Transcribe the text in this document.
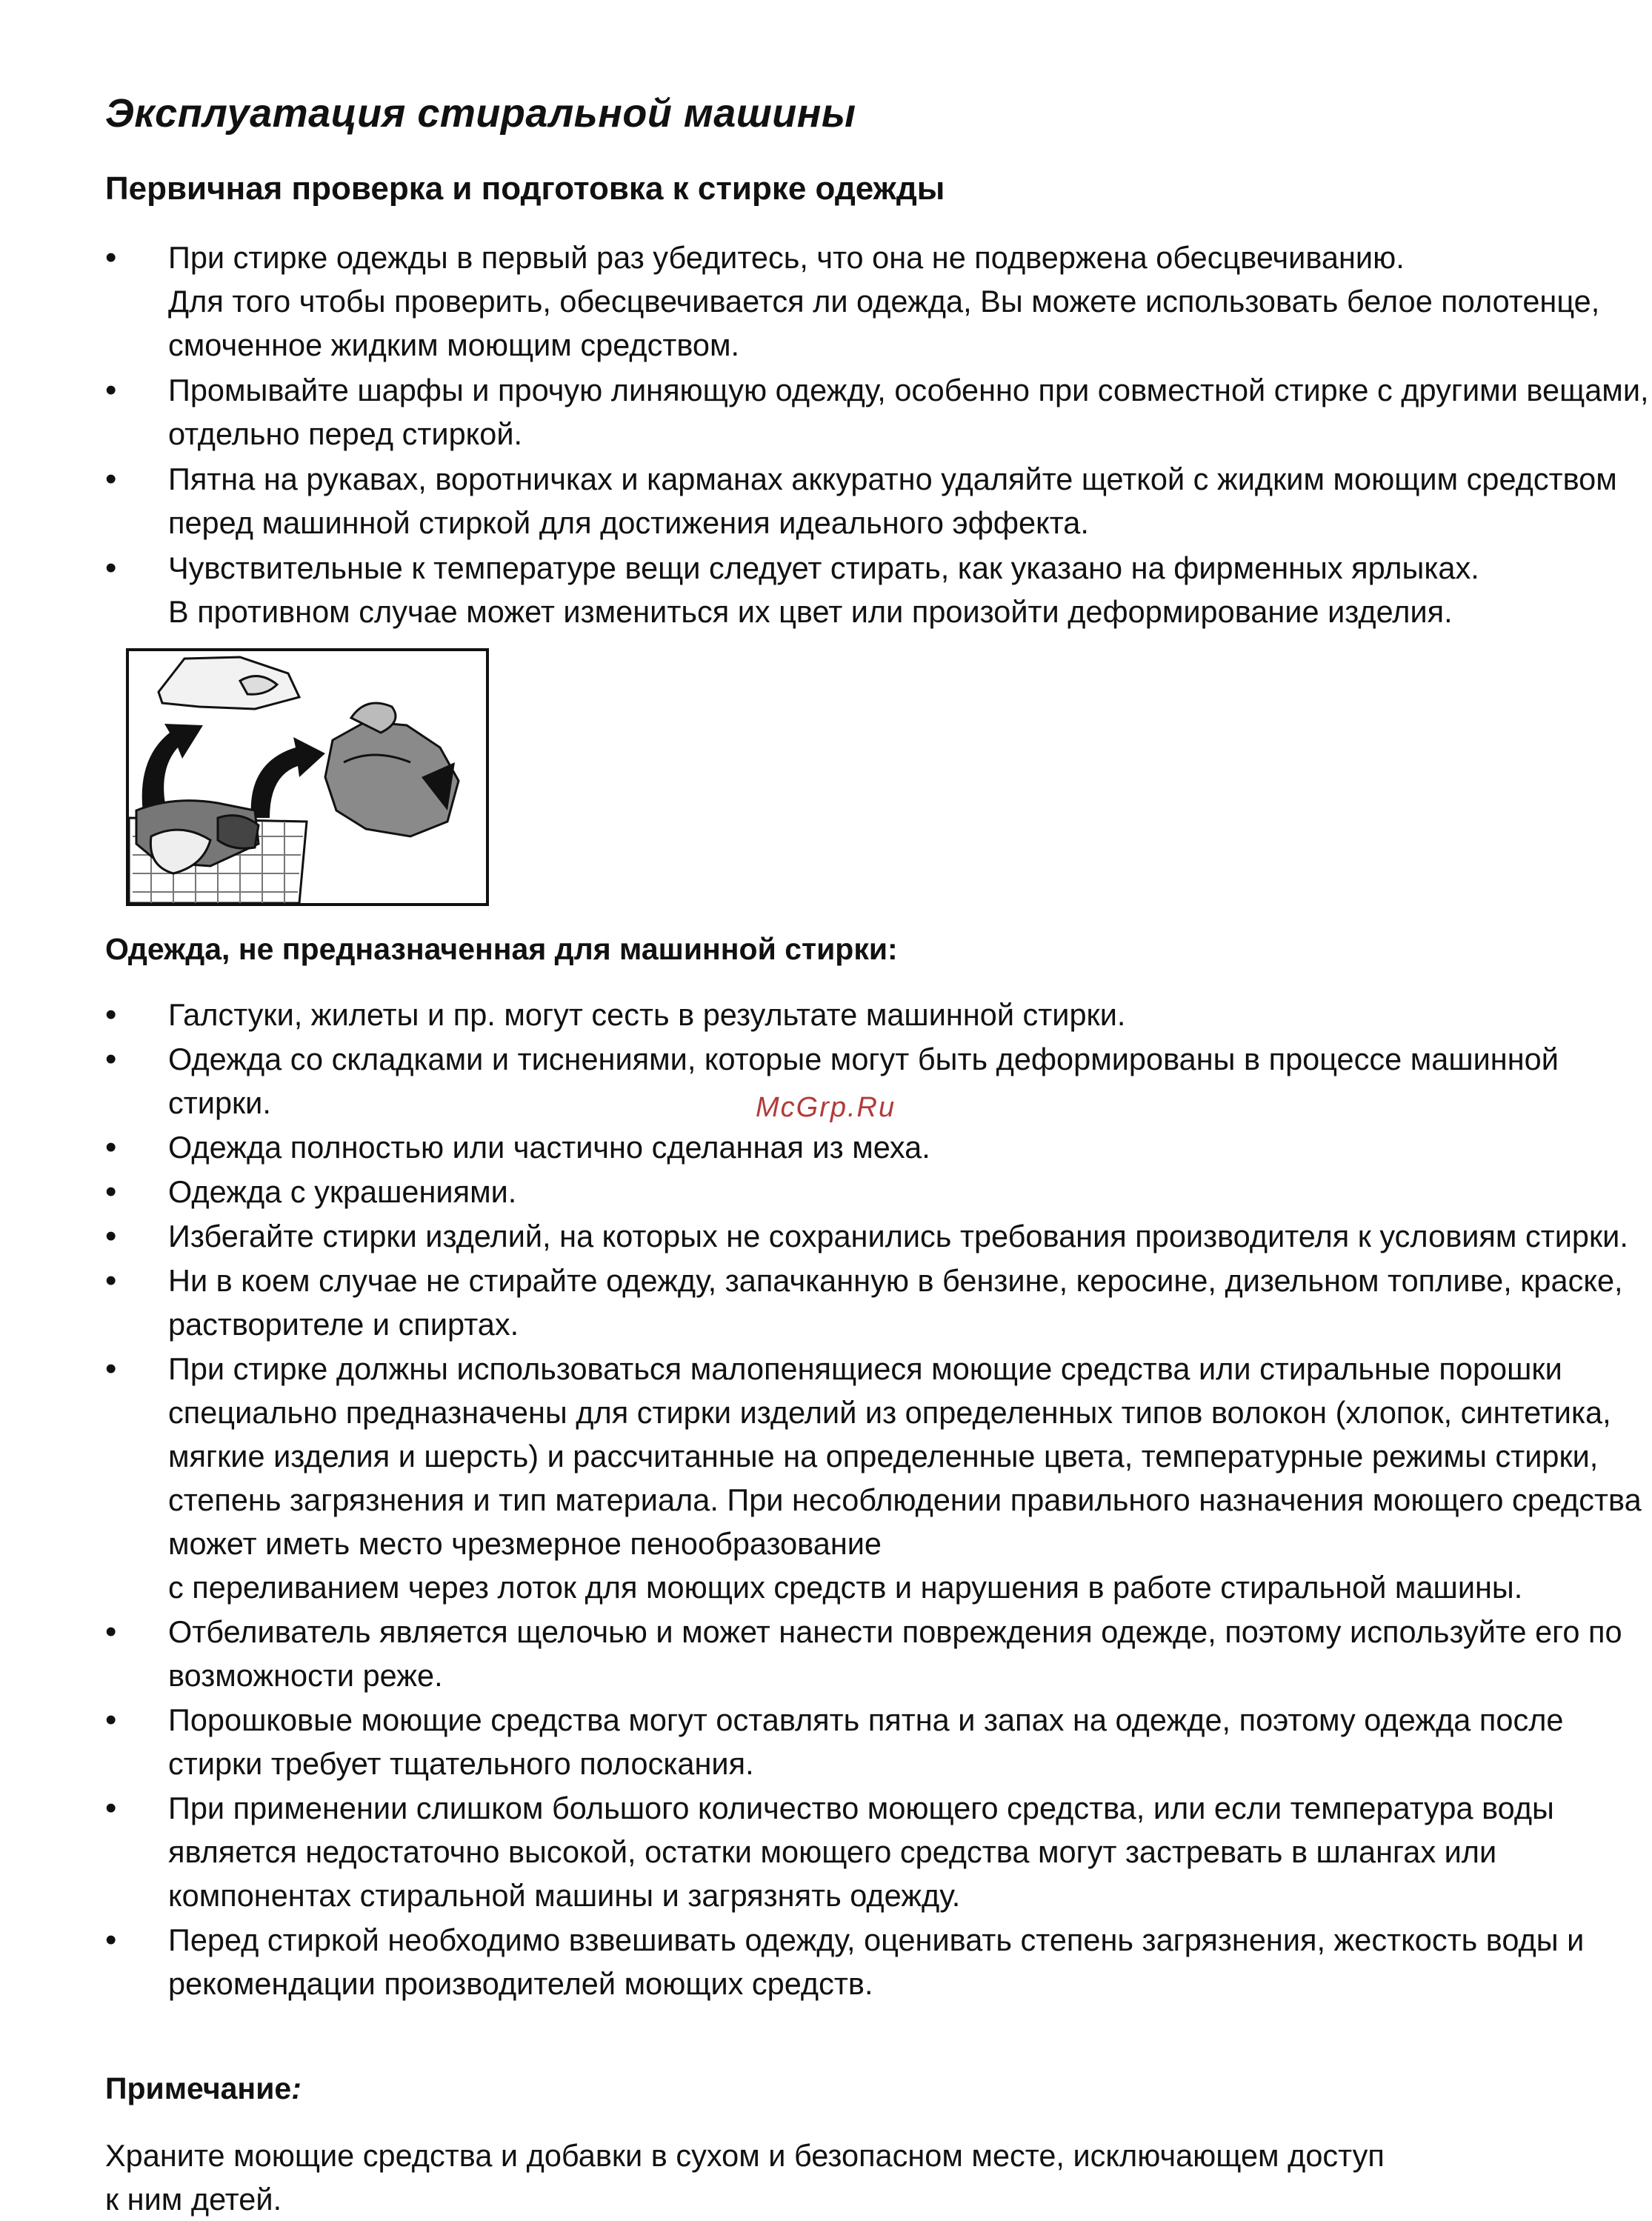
Эксплуатация стиральной машины
Первичная проверка и подготовка к стирке одежды
• При стирке одежды в первый раз убедитесь, что она не подвержена обесцвечиванию.
Для того чтобы проверить, обесцвечивается ли одежда, Вы можете использовать белое полотенце, смоченное жидким моющим средством.
• Промывайте шарфы и прочую линяющую одежду, особенно при совместной стирке с другими вещами, отдельно перед стиркой.
• Пятна на рукавах, воротничках и карманах аккуратно удаляйте щеткой с жидким моющим средством перед машинной стиркой для достижения идеального эффекта.
• Чувствительные к температуре вещи следует стирать, как указано на фирменных ярлыках.
В противном случае может измениться их цвет или произойти деформирование изделия.
Одежда, не предназначенная для машинной стирки:
• Галстуки, жилеты и пр. могут сесть в результате машинной стирки.
• Одежда со складками и тиснениями, которые могут быть деформированы в процессе машинной стирки.
• Одежда полностью или частично сделанная из меха.
• Одежда с украшениями.
• Избегайте стирки изделий, на которых не сохранились требования производителя к условиям стирки.
• Ни в коем случае не стирайте одежду, запачканную в бензине, керосине, дизельном топливе, краске, растворителе и спиртах.
• При стирке должны использоваться малопенящиеся моющие средства или стиральные порошки специально предназначены для стирки изделий из определенных типов волокон (хлопок, синтетика, мягкие изделия и шерсть) и рассчитанные на определенные цвета, температурные режимы стирки, степень загрязнения и тип материала. При несоблюдении правильного назначения моющего средства может иметь место чрезмерное пенообразование
с переливанием через лоток для моющих средств и нарушения в работе стиральной машины.
• Отбеливатель является щелочью и может нанести повреждения одежде, поэтому используйте его по возможности реже.
• Порошковые моющие средства могут оставлять пятна и запах на одежде, поэтому одежда после стирки требует тщательного полоскания.
• При применении слишком большого количество моющего средства, или если температура воды является недостаточно высокой, остатки моющего средства могут застревать в шлангах или компонентах стиральной машины и загрязнять одежду.
• Перед стиркой необходимо взвешивать одежду, оценивать степень загрязнения, жесткость воды и рекомендации производителей моющих средств.
McGrp.Ru

Примечание:

Храните моющие средства и добавки в сухом и безопасном месте, исключающем доступ
к ним детей.
